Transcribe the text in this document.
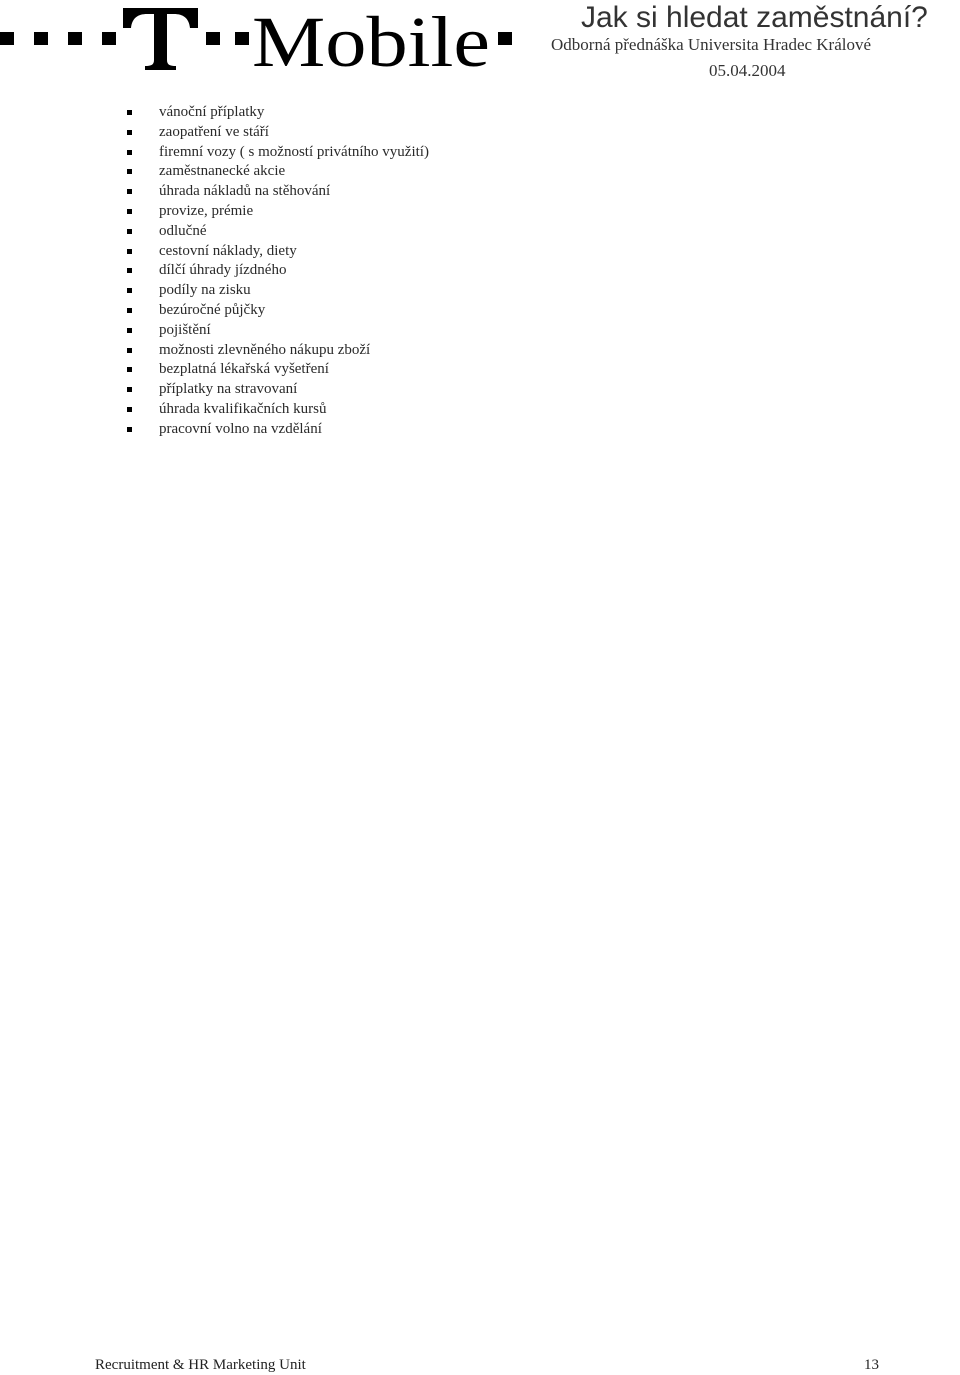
Mobile	Jak si hledat zaměstnání?
Odborná přednáška Universita Hradec Králové
05.04.2004
vánoční příplatky
zaopatření ve stáří
firemní vozy ( s možností privátního využití)
zaměstnanecké akcie
úhrada nákladů na stěhování
provize, prémie
odlučné
cestovní náklady, diety
dílčí úhrady jízdného
podíly na zisku
bezúročné půjčky
pojištění
možnosti zlevněného nákupu zboží
bezplatná lékařská vyšetření
příplatky na stravovaní
úhrada kvalifikačních kursů
pracovní volno na vzdělání
Recruitment & HR Marketing Unit	13
